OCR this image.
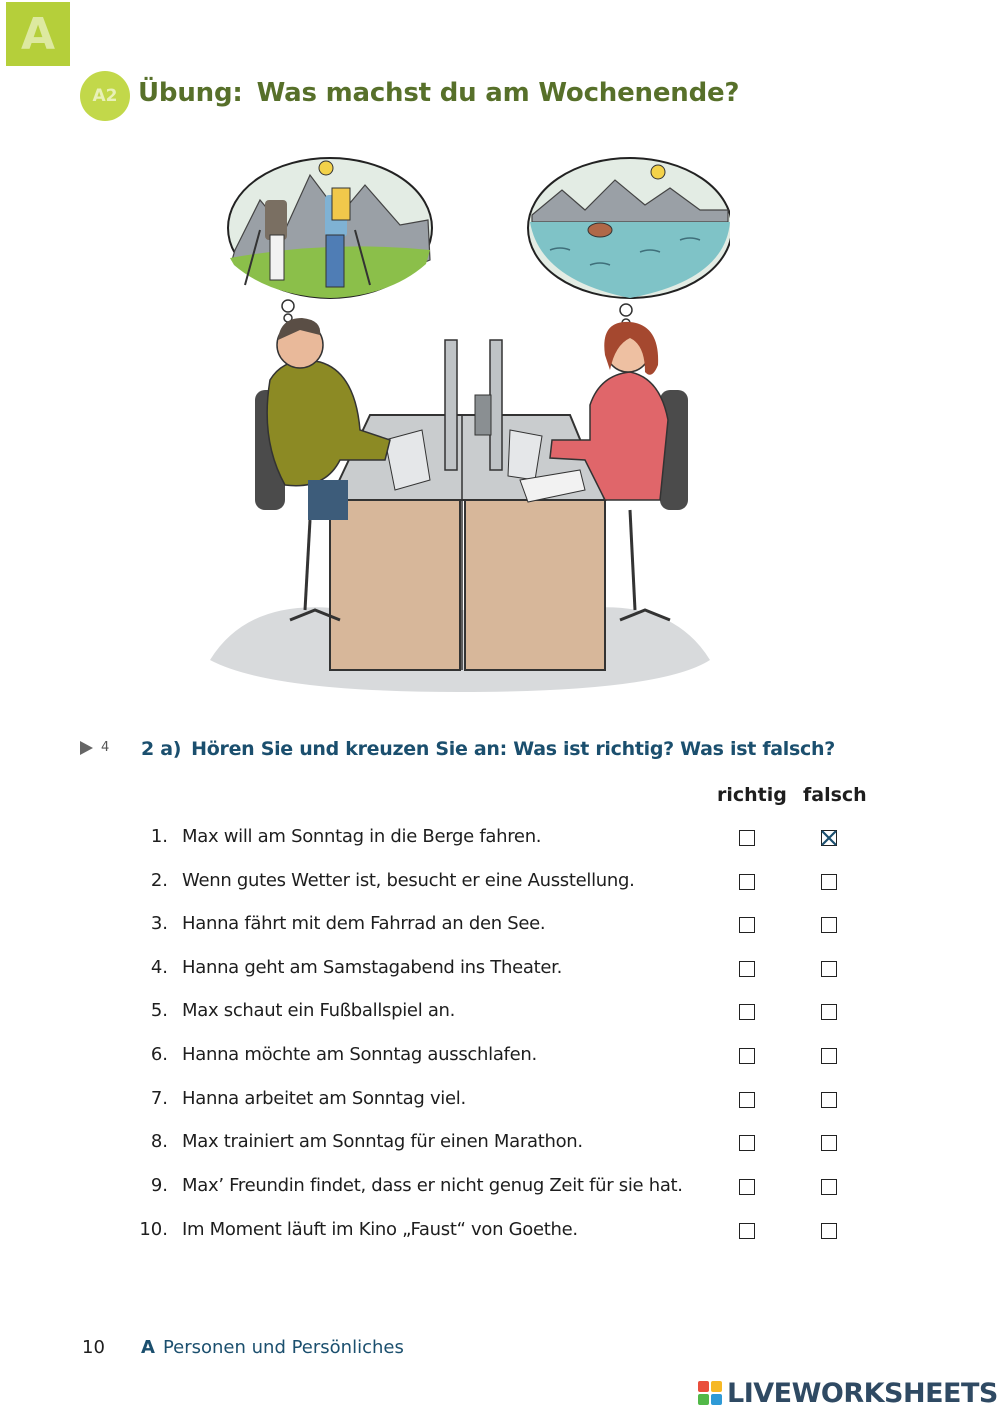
A
A2 Übung: Was machst du am Wochenende?
4 2 a) Hören Sie und kreuzen Sie an: Was ist richtig? Was ist falsch?
richtig falsch
1. Max will am Sonntag in die Berge fahren.
2. Wenn gutes Wetter ist, besucht er eine Ausstellung.
3. Hanna fährt mit dem Fahrrad an den See.
4. Hanna geht am Samstagabend ins Theater.
5. Max schaut ein Fußballspiel an.
6. Hanna möchte am Sonntag ausschlafen.
7. Hanna arbeitet am Sonntag viel.
8. Max trainiert am Sonntag für einen Marathon.
9. Max’ Freundin findet, dass er nicht genug Zeit für sie hat.
10. Im Moment läuft im Kino „Faust“ von Goethe.
10 A Personen und Persönliches
LIVEWORKSHEETS
